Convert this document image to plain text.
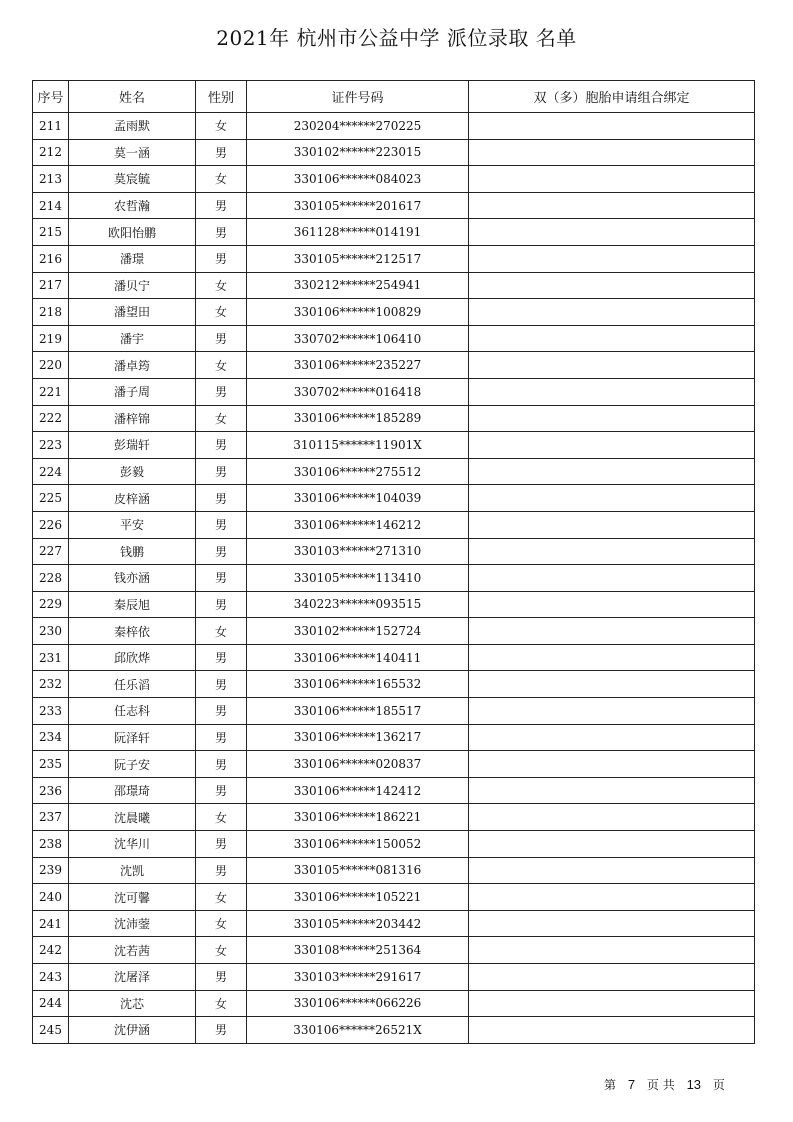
2021年 杭州市公益中学 派位录取 名单
序号	姓名	性别	证件号码	双（多）胞胎申请组合绑定
211	孟雨默	女	230204******270225	
212	莫一涵	男	330102******223015	
213	莫宸毓	女	330106******084023	
214	农哲瀚	男	330105******201617	
215	欧阳怡鹏	男	361128******014191	
216	潘璟	男	330105******212517	
217	潘贝宁	女	330212******254941	
218	潘望田	女	330106******100829	
219	潘宇	男	330702******106410	
220	潘卓筠	女	330106******235227	
221	潘子周	男	330702******016418	
222	潘梓锦	女	330106******185289	
223	彭瑞轩	男	310115******11901X	
224	彭毅	男	330106******275512	
225	皮梓涵	男	330106******104039	
226	平安	男	330106******146212	
227	钱鹏	男	330103******271310	
228	钱亦涵	男	330105******113410	
229	秦辰旭	男	340223******093515	
230	秦梓依	女	330102******152724	
231	邱欣烨	男	330106******140411	
232	任乐滔	男	330106******165532	
233	任志科	男	330106******185517	
234	阮泽轩	男	330106******136217	
235	阮子安	男	330106******020837	
236	邵璟琦	男	330106******142412	
237	沈晨曦	女	330106******186221	
238	沈华川	男	330106******150052	
239	沈凯	男	330105******081316	
240	沈可馨	女	330106******105221	
241	沈沛蓥	女	330105******203442	
242	沈若茜	女	330108******251364	
243	沈屠泽	男	330103******291617	
244	沈芯	女	330106******066226	
245	沈伊涵	男	330106******26521X	
第 7 页 共 13 页
